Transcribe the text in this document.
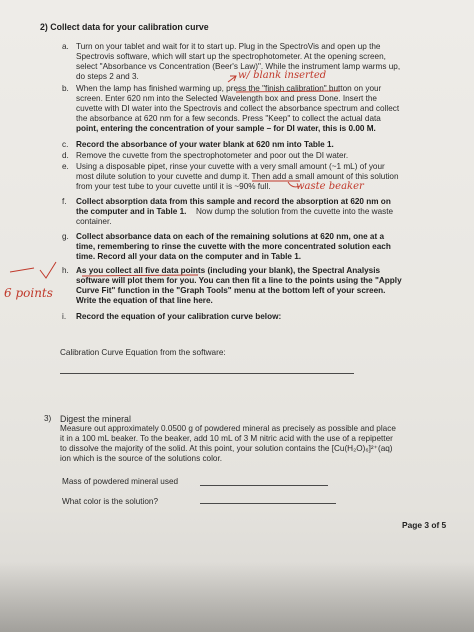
2) Collect data for your calibration curve
a. Turn on your tablet and wait for it to start up. Plug in the SpectroVis and open up the
Spectrovis software, which will start up the spectrophotometer. At the opening screen,
select "Absorbance vs Concentration (Beer's Law)". While the instrument lamp warms up,
do steps 2 and 3.	w/ blank inserted
b. When the lamp has finished warming up, press the "finish calibration" button on your
screen. Enter 620 nm into the Selected Wavelength box and press Done. Insert the
cuvette with DI water into the Spectrovis and collect the absorbance spectrum and collect
the absorbance at 620 nm for a few seconds. Press "Keep" to collect the actual data
point, entering the concentration of your sample – for DI water, this is 0.00 M.
c. Record the absorbance of your water blank at 620 nm into Table 1.
d. Remove the cuvette from the spectrophotometer and poor out the DI water.
e. Using a disposable pipet, rinse your cuvette with a very small amount (~1 mL) of your
most dilute solution to your cuvette and dump it. Then add a small amount of this solution
from your test tube to your cuvette until it is ~90% full.	waste beaker
f. Collect absorption data from this sample and record the absorption at 620 nm on
the computer and in Table 1. Now dump the solution from the cuvette into the waste
container.
g. Collect absorbance data on each of the remaining solutions at 620 nm, one at a
time, remembering to rinse the cuvette with the more concentrated solution each
time. Record all your data on the computer and in Table 1.
h. As you collect all five data points (including your blank), the Spectral Analysis
software will plot them for you. You can then fit a line to the points using the "Apply
Curve Fit" function in the "Graph Tools" menu at the bottom left of your screen.
Write the equation of that line here.
6 points
i. Record the equation of your calibration curve below:
Calibration Curve Equation from the software:
3) Digest the mineral
Measure out approximately 0.0500 g of powdered mineral as precisely as possible and place
it in a 100 mL beaker. To the beaker, add 10 mL of 3 M nitric acid with the use of a repipetter
to dissolve the majority of the solid. At this point, your solution contains the [Cu(H₂O)₆]²⁺(aq)
ion which is the source of the solutions color.
Mass of powdered mineral used
What color is the solution?
Page 3 of 5
